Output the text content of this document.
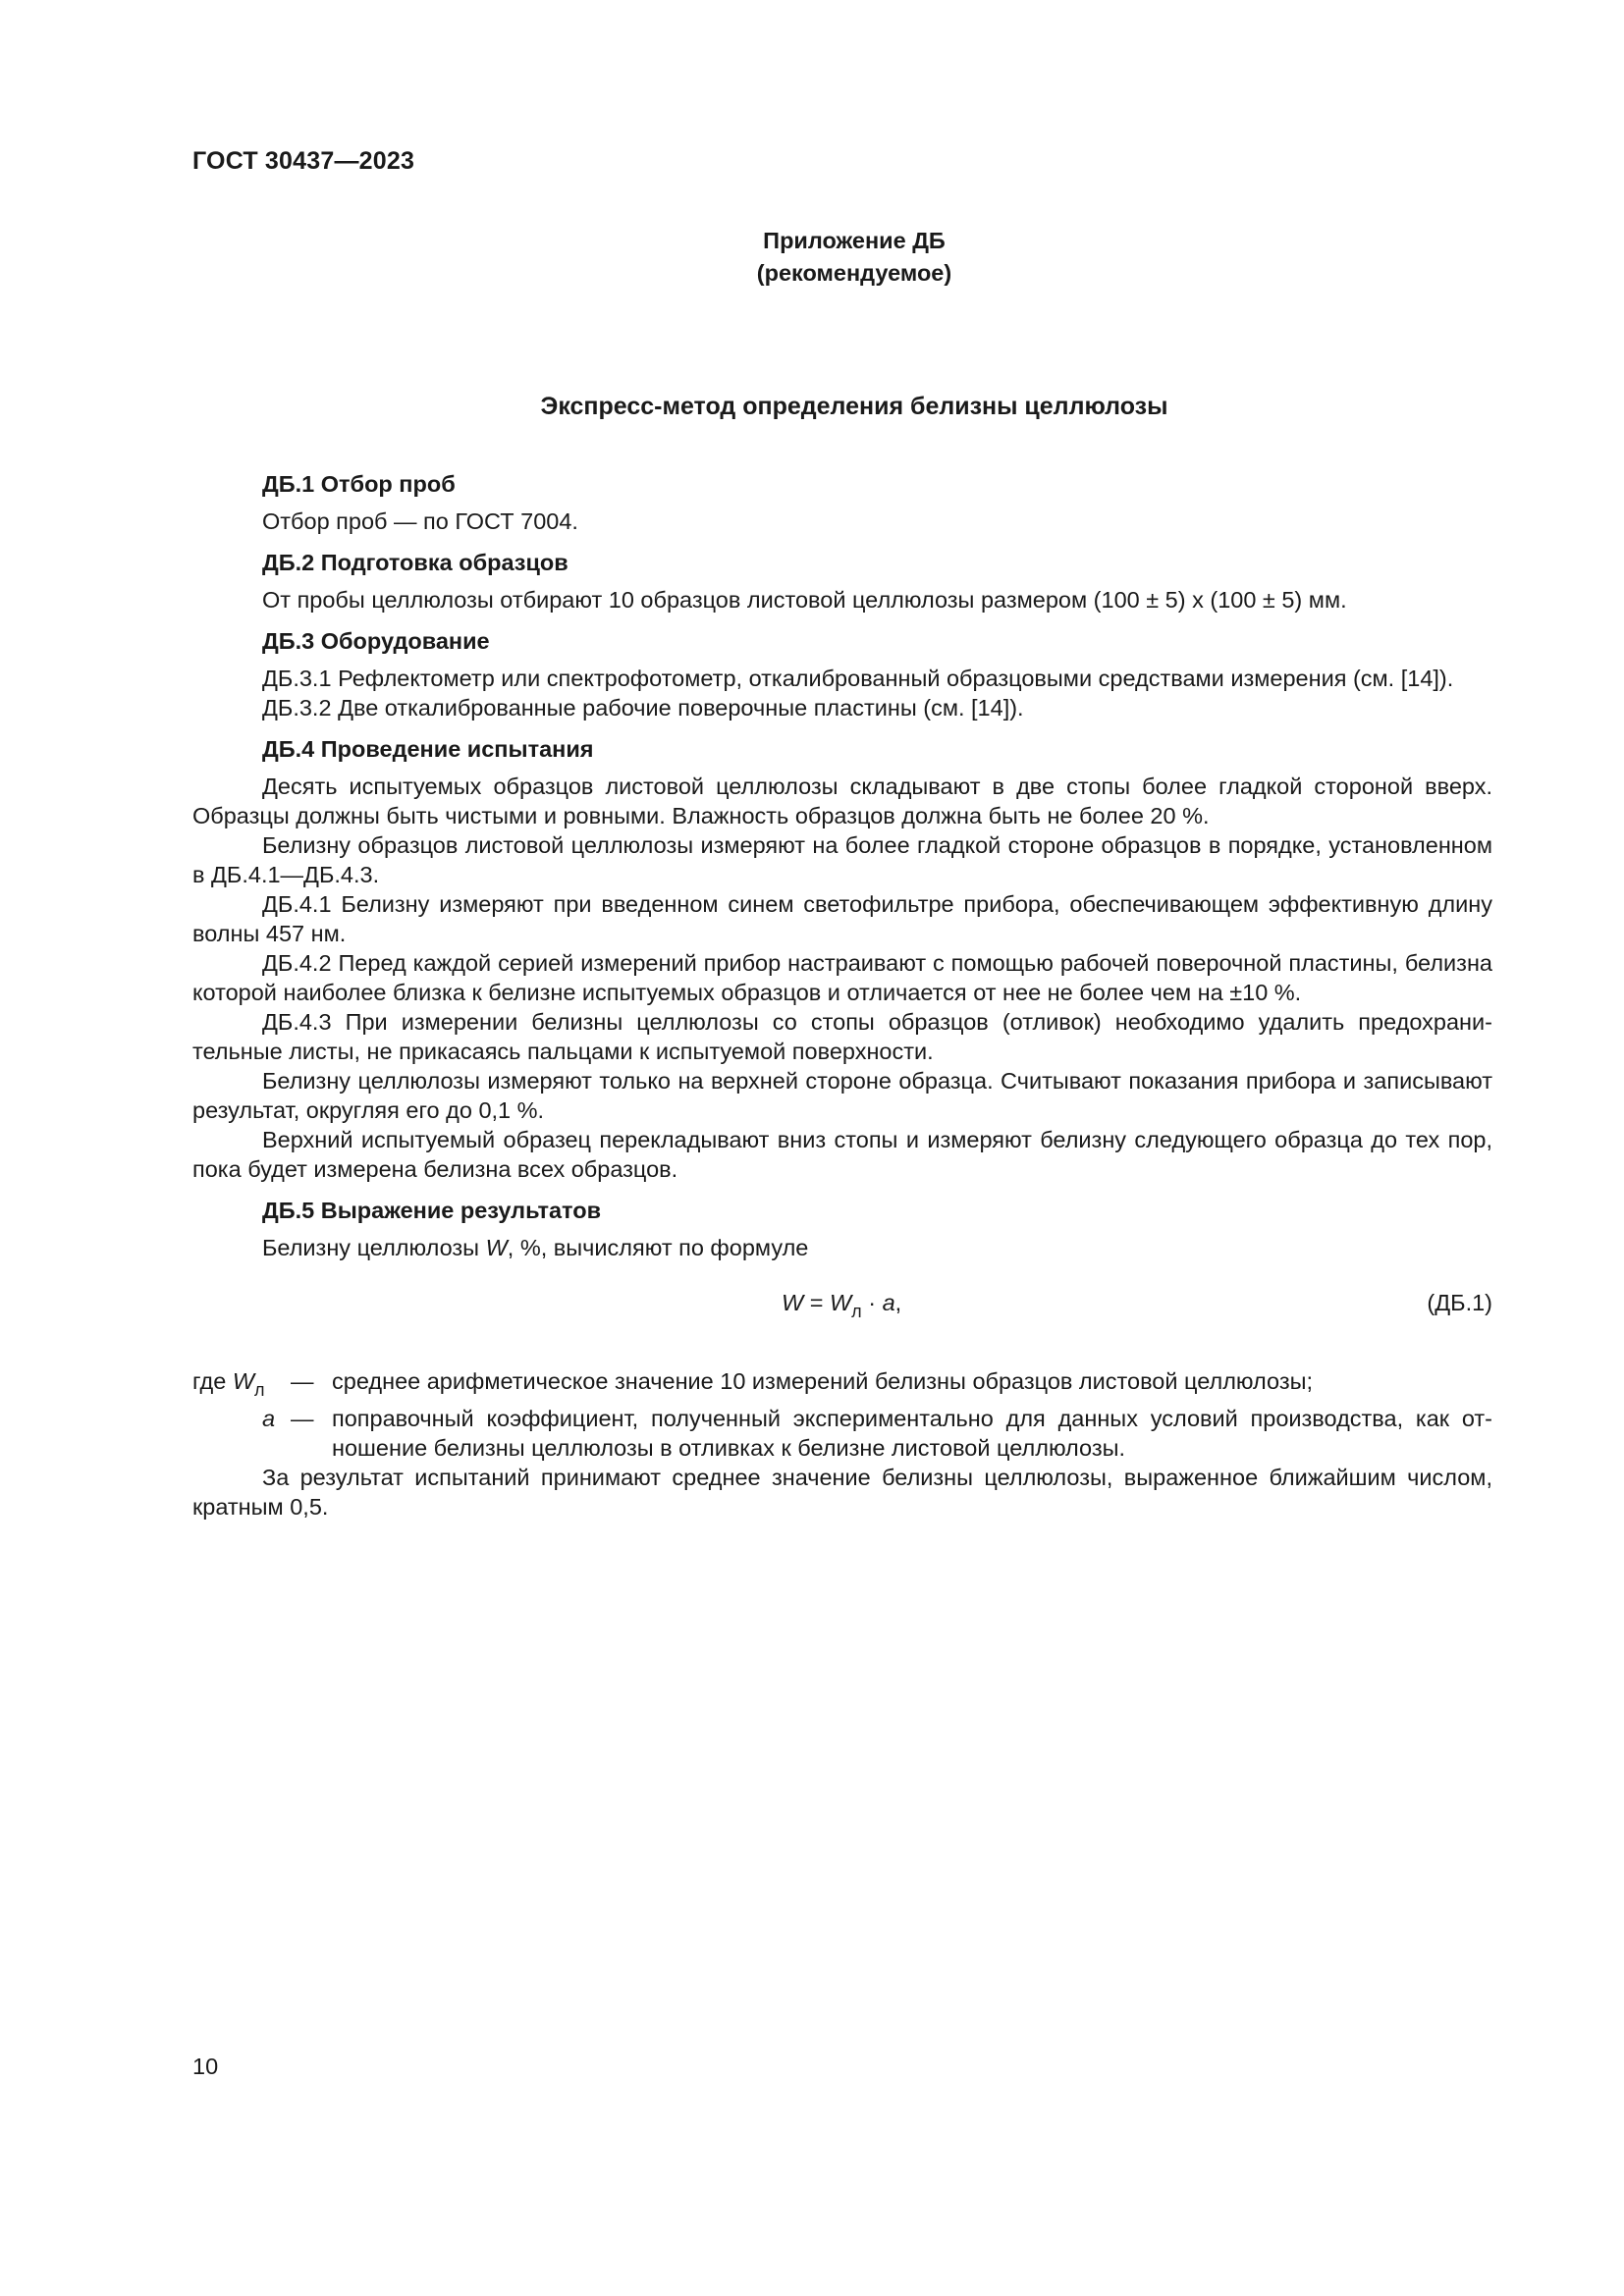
ГОСТ 30437—2023
Приложение ДБ
(рекомендуемое)
Экспресс-метод определения белизны целлюлозы
ДБ.1 Отбор проб

Отбор проб — по ГОСТ 7004.

ДБ.2 Подготовка образцов

От пробы целлюлозы отбирают 10 образцов листовой целлюлозы размером (100 ± 5) х (100 ± 5) мм.

ДБ.3 Оборудование

ДБ.3.1 Рефлектометр или спектрофотометр, откалиброванный образцовыми средствами измерения (см. [14]).

ДБ.3.2 Две откалиброванные рабочие поверочные пластины (см. [14]).

ДБ.4 Проведение испытания

Десять испытуемых образцов листовой целлюлозы складывают в две стопы более гладкой стороной вверх. Образцы должны быть чистыми и ровными. Влажность образцов должна быть не более 20 %.

Белизну образцов листовой целлюлозы измеряют на более гладкой стороне образцов в порядке, установленном в ДБ.4.1—ДБ.4.3.

ДБ.4.1 Белизну измеряют при введенном синем светофильтре прибора, обеспечивающем эффективную длину волны 457 нм.

ДБ.4.2 Перед каждой серией измерений прибор настраивают с помощью рабочей поверочной пластины, белизна которой наиболее близка к белизне испытуемых образцов и отличается от нее не более чем на ±10 %.

ДБ.4.3 При измерении белизны целлюлозы со стопы образцов (отливок) необходимо удалить предохранительные листы, не прикасаясь пальцами к испытуемой поверхности.

Белизну целлюлозы измеряют только на верхней стороне образца. Считывают показания прибора и записывают результат, округляя его до 0,1 %.

Верхний испытуемый образец перекладывают вниз стопы и измеряют белизну следующего образца до тех пор, пока будет измерена белизна всех образцов.

ДБ.5 Выражение результатов

Белизну целлюлозы W, %, вычисляют по формуле

$W = W_л \cdot a$,	(ДБ.1)
где $W_л$	— среднее арифметическое значение 10 измерений белизны образцов листовой целлюлозы;
a — поправочный коэффициент, полученный экспериментально для данных условий производства, как отношение белизны целлюлозы в отливках к белизне листовой целлюлозы.

За результат испытаний принимают среднее значение белизны целлюлозы, выраженное ближайшим числом, кратным 0,5.

10
